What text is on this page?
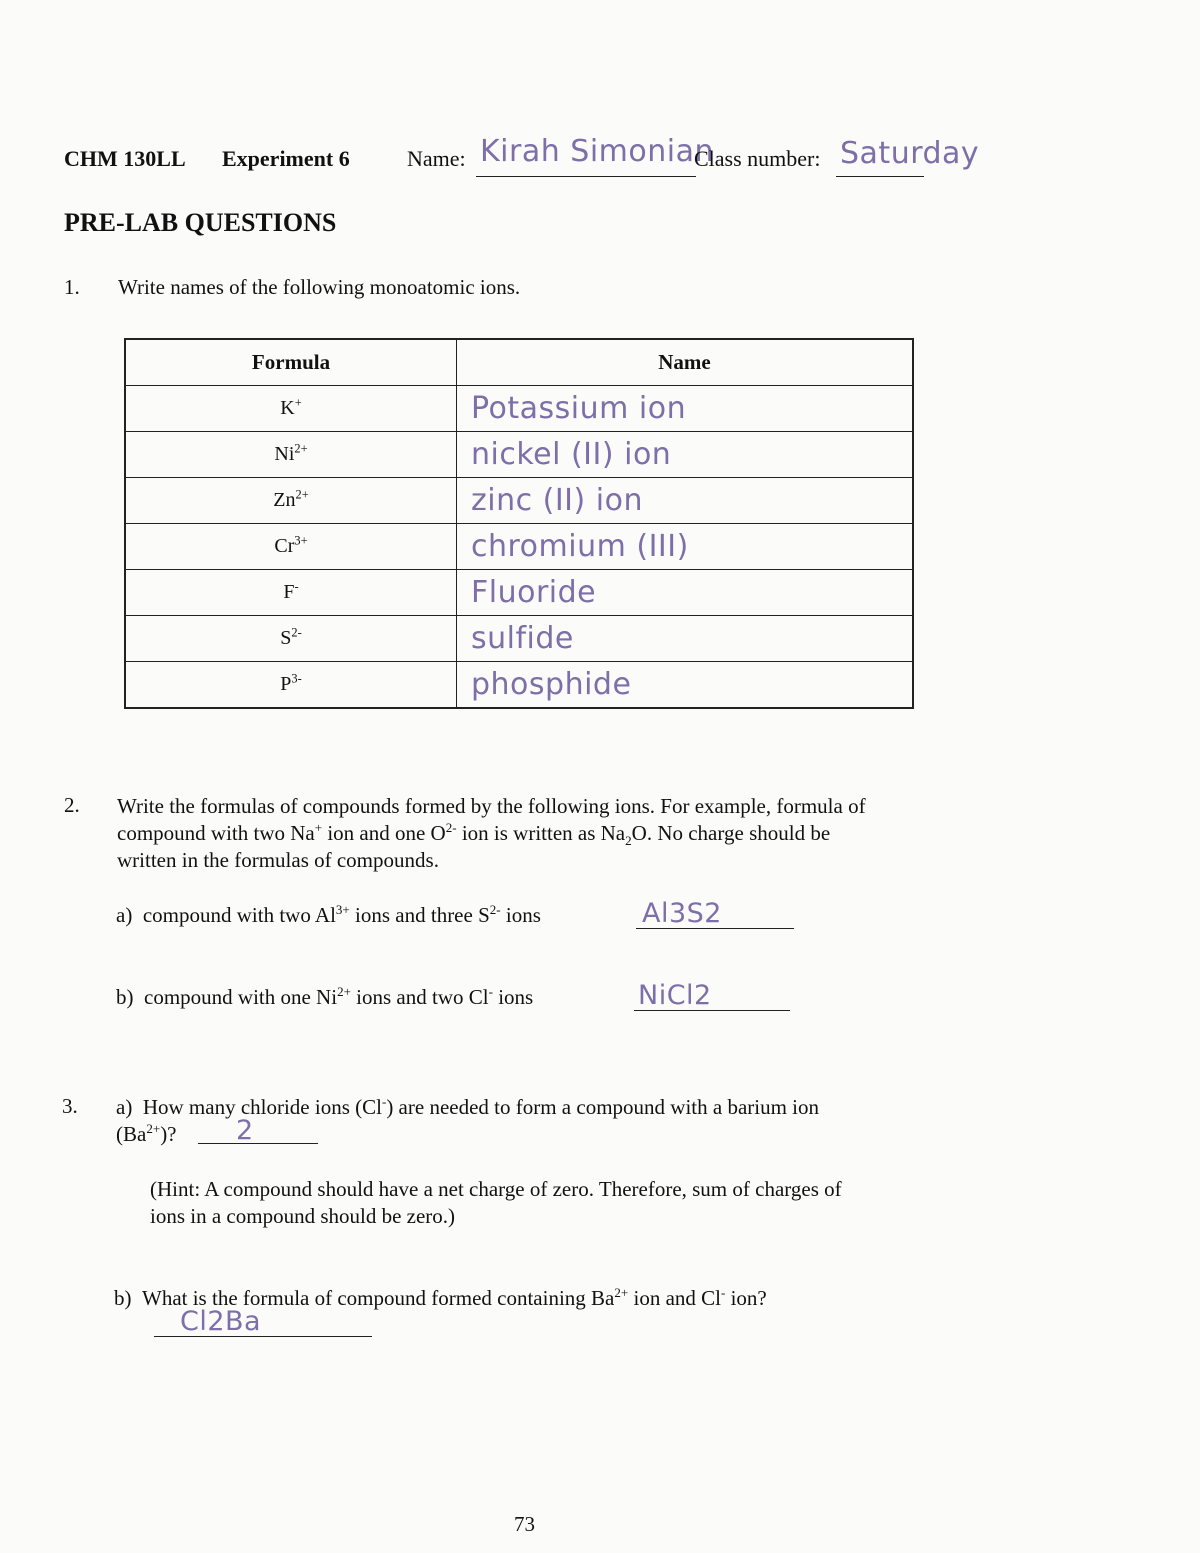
CHM 130LL Experiment 6	Name: Kirah Simonian
Class number: Saturday
PRE-LAB QUESTIONS
1. Write names of the following monoatomic ions.
Formula	Name
K+	Potassium ion
$Ni^{2+}$	nickel (II) ion
$Zn^{2+}$	zinc (II) ion
$Cr^{3+}$	chromium (III)
F-	Fluoride
$S^{2-}$	sulfide
$P^{3-}$	phosphide
2. Write the formulas of compounds formed by the following ions. For example, formula of
compound with two Na+ ion and one $O^{2-}$ ion is written as $Na_2O$. No charge should be
written in the formulas of compounds.
a) compound with two $Al^{3+}$ ions and three $S^{2-}$ ions	Al3S2
b) compound with one $Ni^{2+}$ ions and two Cl- ions	NiCl2
3. a) How many chloride ions (Cl-) are needed to form a compound with a barium ion
$(Ba^{2+})$?	2
(Hint: A compound should have a net charge of zero. Therefore, sum of charges of
ions in a compound should be zero.)
b) What is the formula of compound formed containing $Ba^{2+}$ ion and Cl- ion?
Cl2Ba
73
